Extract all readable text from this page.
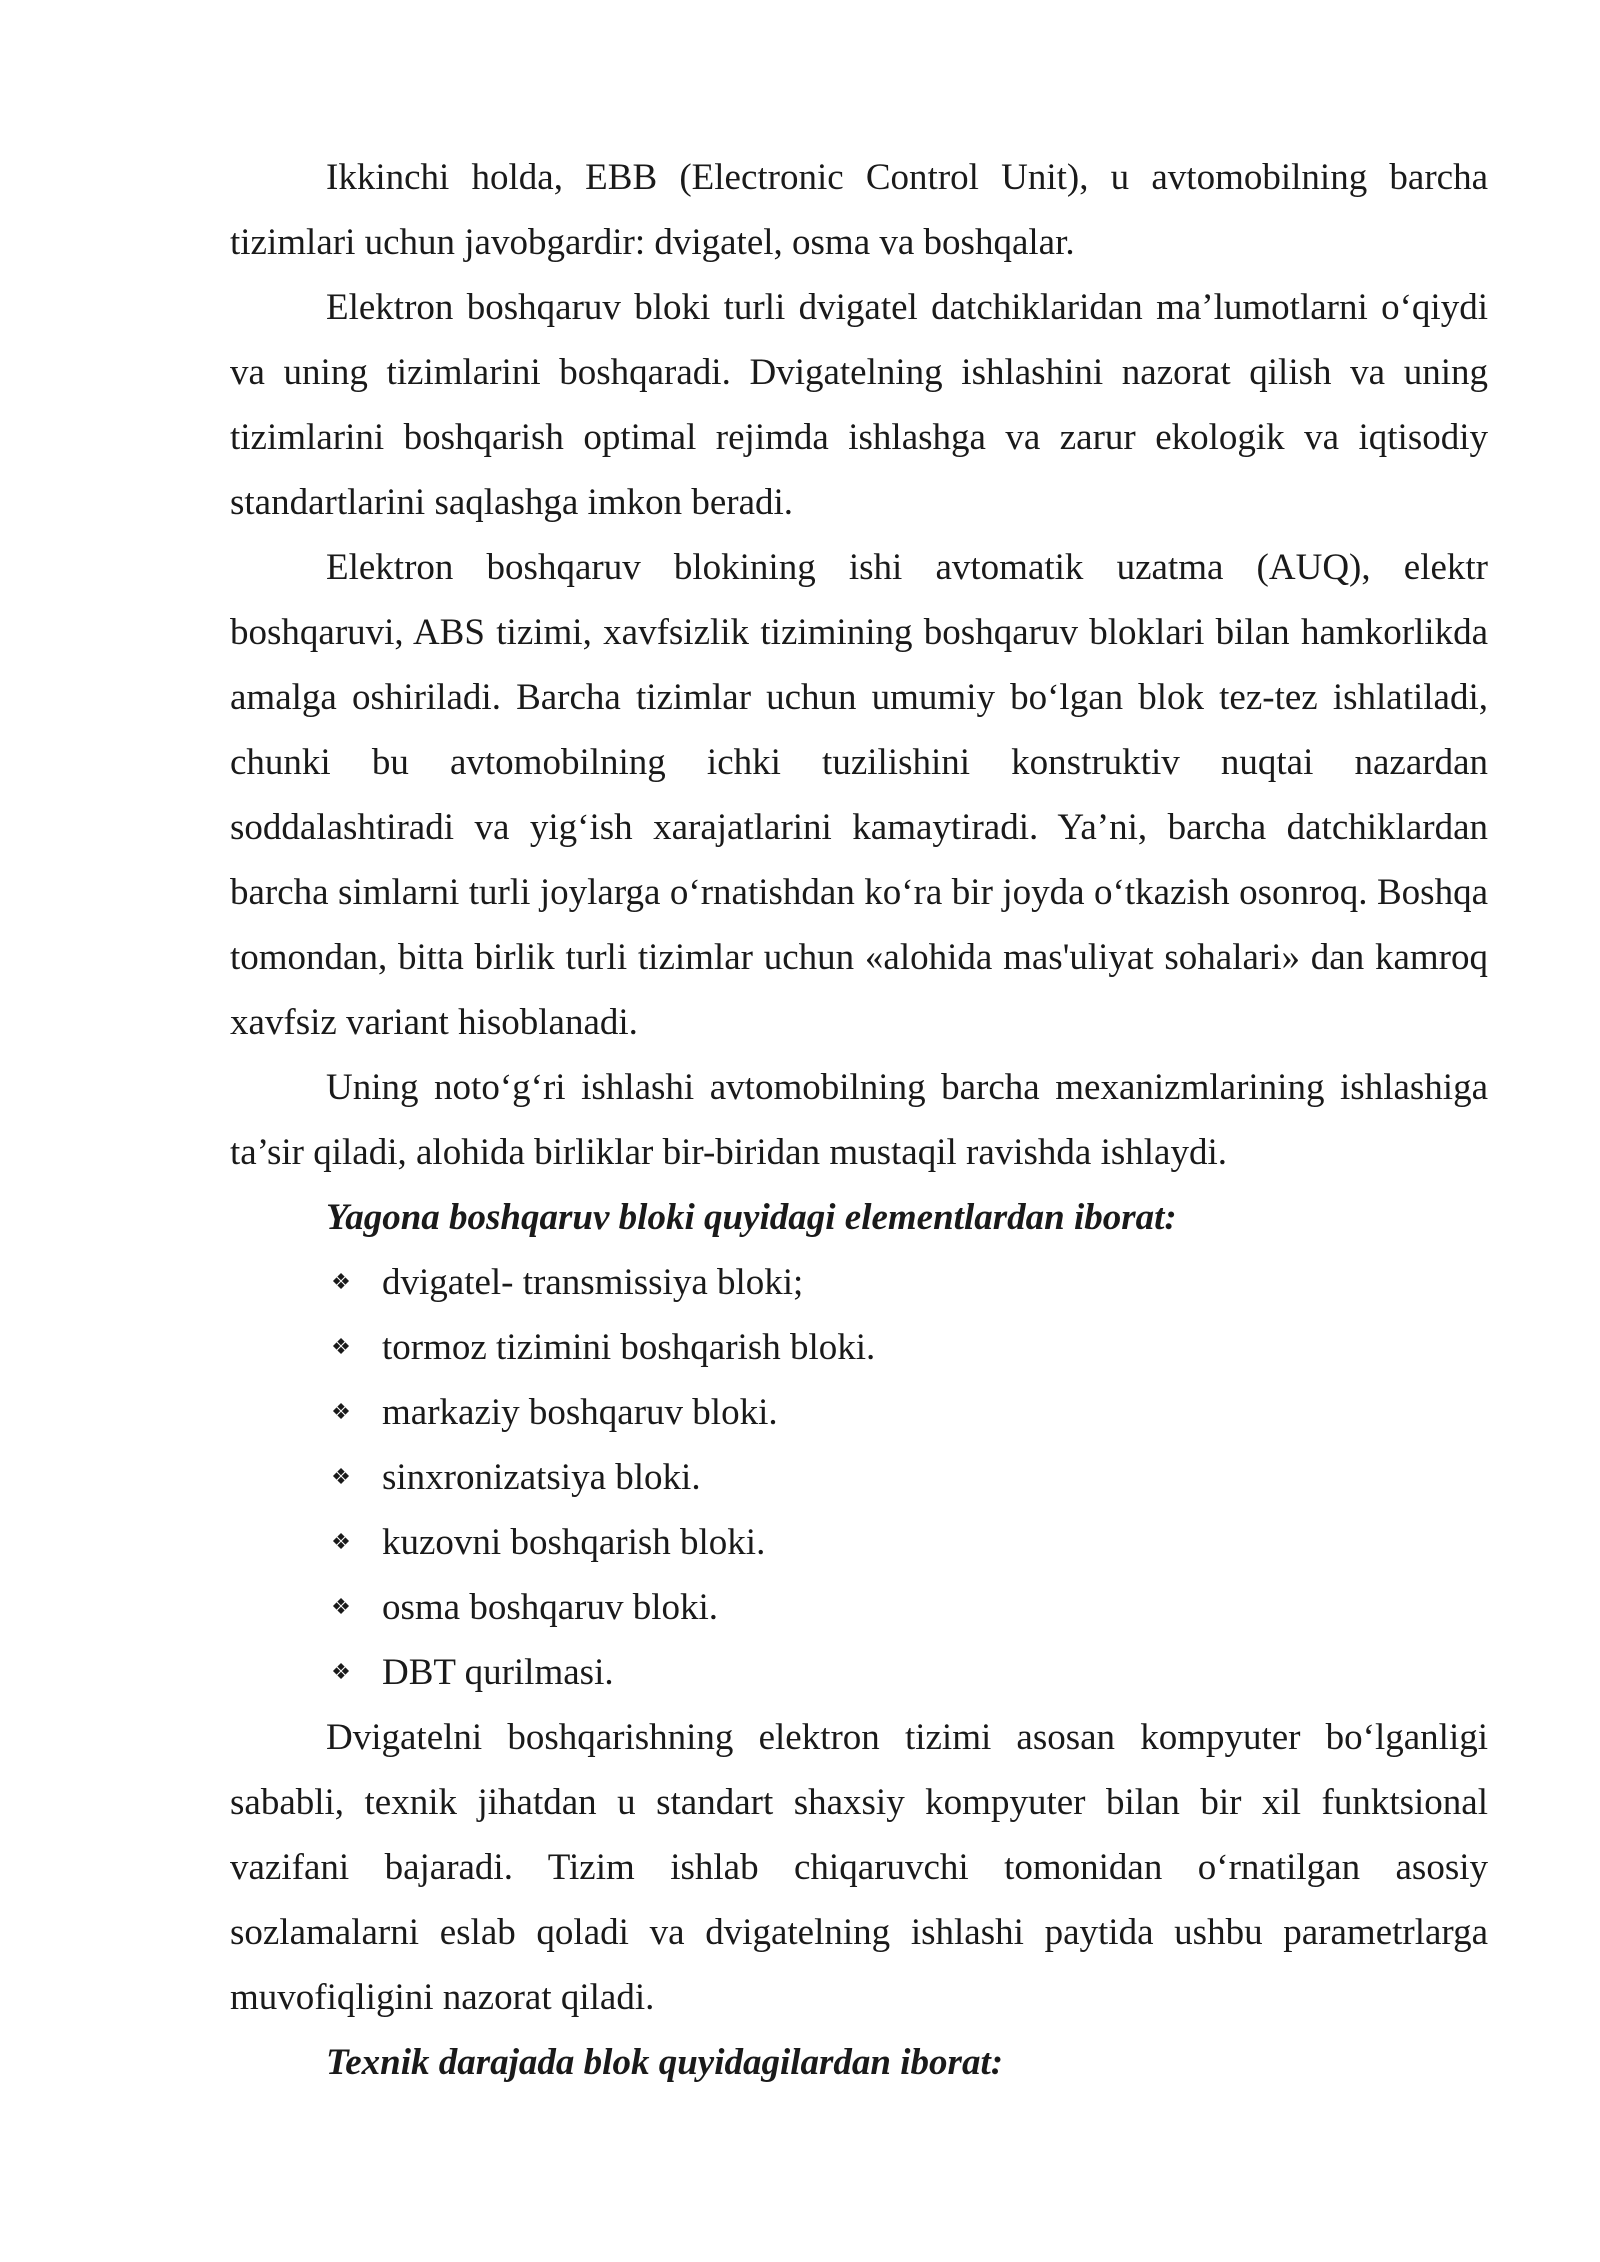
Ikkinchi holda, EBB (Electronic Control Unit), u avtomobilning barcha tizimlari uchun javobgardir: dvigatel, osma va boshqalar.

Elektron boshqaruv bloki turli dvigatel datchiklaridan ma’lumotlarni o‘qiydi va uning tizimlarini boshqaradi. Dvigatelning ishlashini nazorat qilish va uning tizimlarini boshqarish optimal rejimda ishlashga va zarur ekologik va iqtisodiy standartlarini saqlashga imkon beradi.

Elektron boshqaruv blokining ishi avtomatik uzatma (AUQ), elektr boshqaruvi, ABS tizimi, xavfsizlik tizimining boshqaruv bloklari bilan hamkorlikda amalga oshiriladi. Barcha tizimlar uchun umumiy bo‘lgan blok tez-tez ishlatiladi, chunki bu avtomobilning ichki tuzilishini konstruktiv nuqtai nazardan soddalashtiradi va yig‘ish xarajatlarini kamaytiradi. Ya’ni, barcha datchiklardan barcha simlarni turli joylarga o‘rnatishdan ko‘ra bir joyda o‘tkazish osonroq. Boshqa tomondan, bitta birlik turli tizimlar uchun «alohida mas'uliyat sohalari» dan kamroq xavfsiz variant hisoblanadi.

Uning noto‘g‘ri ishlashi avtomobilning barcha mexanizmlarining ishlashiga ta’sir qiladi, alohida birliklar bir-biridan mustaqil ravishda ishlaydi.

Yagona boshqaruv bloki quyidagi elementlardan iborat:

❖ dvigatel- transmissiya bloki;
❖ tormoz tizimini boshqarish bloki.
❖ markaziy boshqaruv bloki.
❖ sinxronizatsiya bloki.
❖ kuzovni boshqarish bloki.
❖ osma boshqaruv bloki.
❖ DBT qurilmasi.

Dvigatelni boshqarishning elektron tizimi asosan kompyuter bo‘lganligi sababli, texnik jihatdan u standart shaxsiy kompyuter bilan bir xil funktsional vazifani bajaradi. Tizim ishlab chiqaruvchi tomonidan o‘rnatilgan asosiy sozlamalarni eslab qoladi va dvigatelning ishlashi paytida ushbu parametrlarga muvofiqligini nazorat qiladi.

Texnik darajada blok quyidagilardan iborat:
